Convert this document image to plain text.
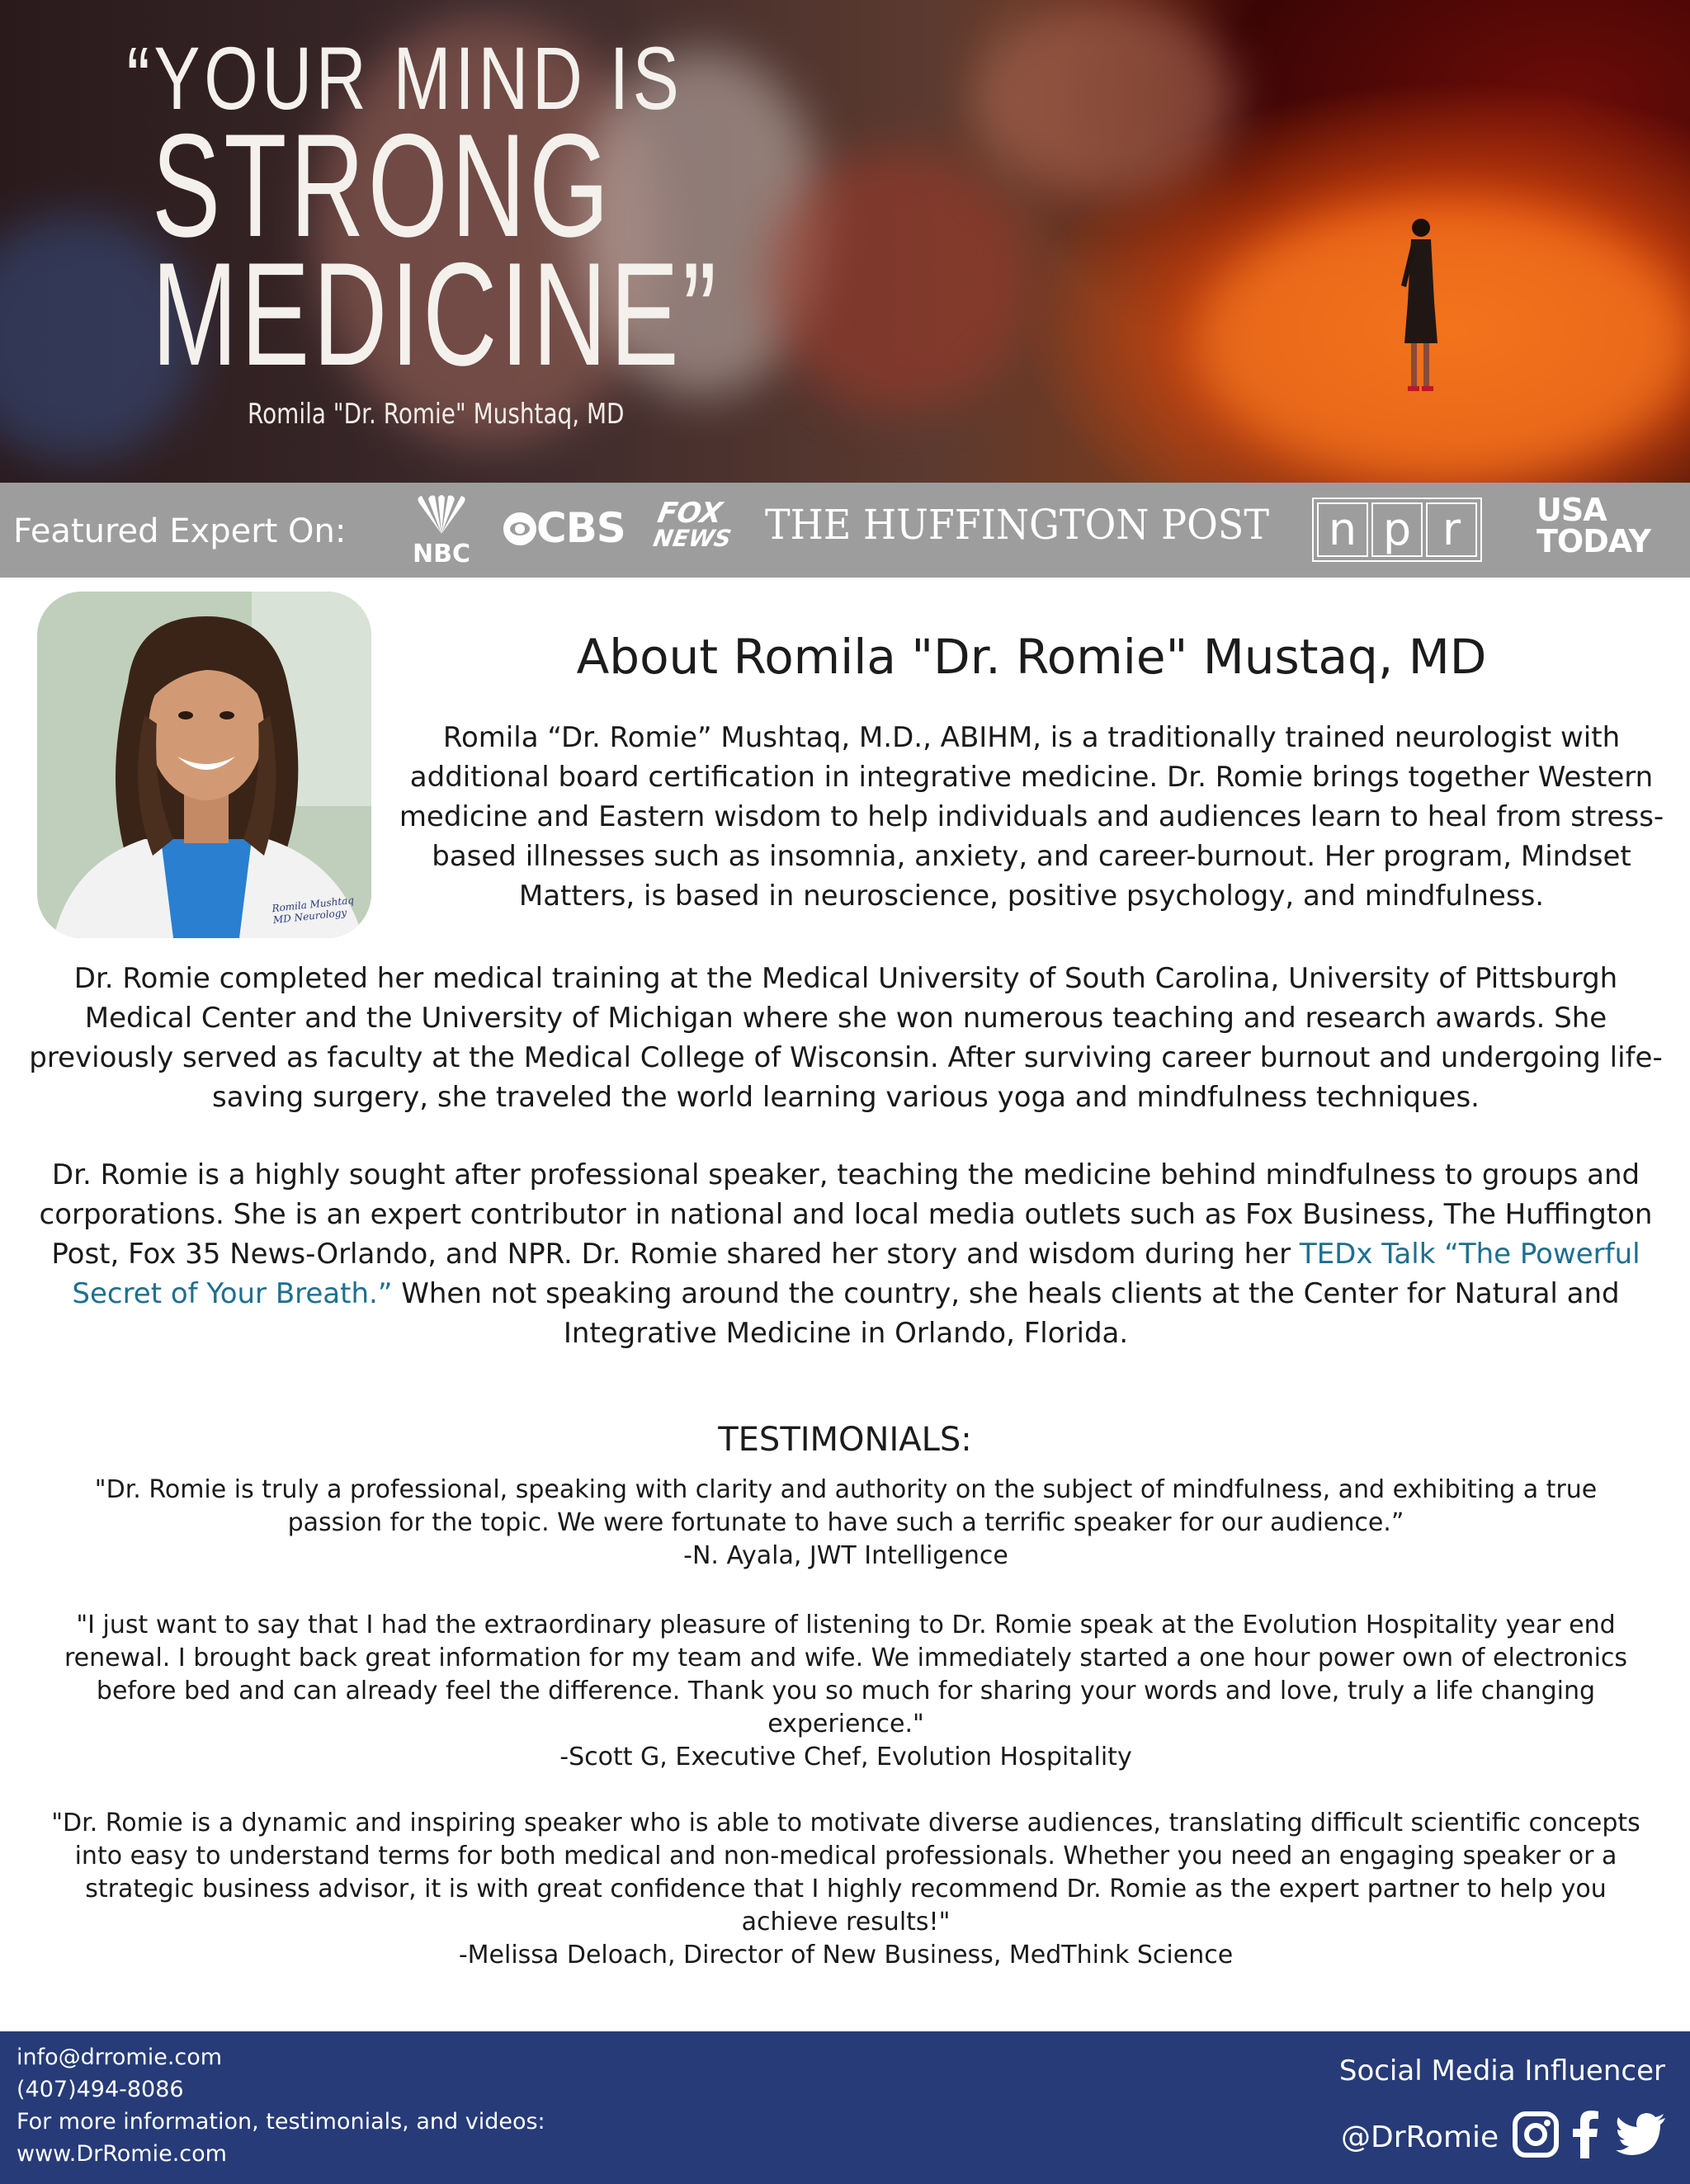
“YOUR MIND IS
STRONG
MEDICINE”
Romila "Dr. Romie" Mushtaq, MD
Featured Expert On:
NBC
CBS FOX
NEWS THE HUFFINGTON POST n p r	USA
TODAY
Romila Mushtaq MD Neurology
About Romila "Dr. Romie" Mustaq, MD

Romila “Dr. Romie” Mushtaq, M.D., ABIHM, is a traditionally trained neurologist with additional board certification in integrative medicine. Dr. Romie brings together Western medicine and Eastern wisdom to help individuals and audiences learn to heal from stress-based illnesses such as insomnia, anxiety, and career-burnout. Her program, Mindset Matters, is based in neuroscience, positive psychology, and mindfulness.

Dr. Romie completed her medical training at the Medical University of South Carolina, University of Pittsburgh Medical Center and the University of Michigan where she won numerous teaching and research awards. She previously served as faculty at the Medical College of Wisconsin. After surviving career burnout and undergoing life-saving surgery, she traveled the world learning various yoga and mindfulness techniques.

Dr. Romie is a highly sought after professional speaker, teaching the medicine behind mindfulness to groups and corporations. She is an expert contributor in national and local media outlets such as Fox Business, The Huffington Post, Fox 35 News-Orlando, and NPR. Dr. Romie shared her story and wisdom during her TEDx Talk “The Powerful Secret of Your Breath.” When not speaking around the country, she heals clients at the Center for Natural and Integrative Medicine in Orlando, Florida.

TESTIMONIALS:

"Dr. Romie is truly a professional, speaking with clarity and authority on the subject of mindfulness, and exhibiting a true passion for the topic. We were fortunate to have such a terrific speaker for our audience.”
-N. Ayala, JWT Intelligence

"I just want to say that I had the extraordinary pleasure of listening to Dr. Romie speak at the Evolution Hospitality year end renewal. I brought back great information for my team and wife. We immediately started a one hour power own of electronics before bed and can already feel the difference. Thank you so much for sharing your words and love, truly a life changing experience."
-Scott G, Executive Chef, Evolution Hospitality

"Dr. Romie is a dynamic and inspiring speaker who is able to motivate diverse audiences, translating difficult scientific concepts into easy to understand terms for both medical and non-medical professionals. Whether you need an engaging speaker or a strategic business advisor, it is with great confidence that I highly recommend Dr. Romie as the expert partner to help you achieve results!"
-Melissa Deloach, Director of New Business, MedThink Science

info@drromie.com
(407)494-8086
For more information, testimonials, and videos:
www.DrRomie.com
Social Media Influencer
@DrRomie
